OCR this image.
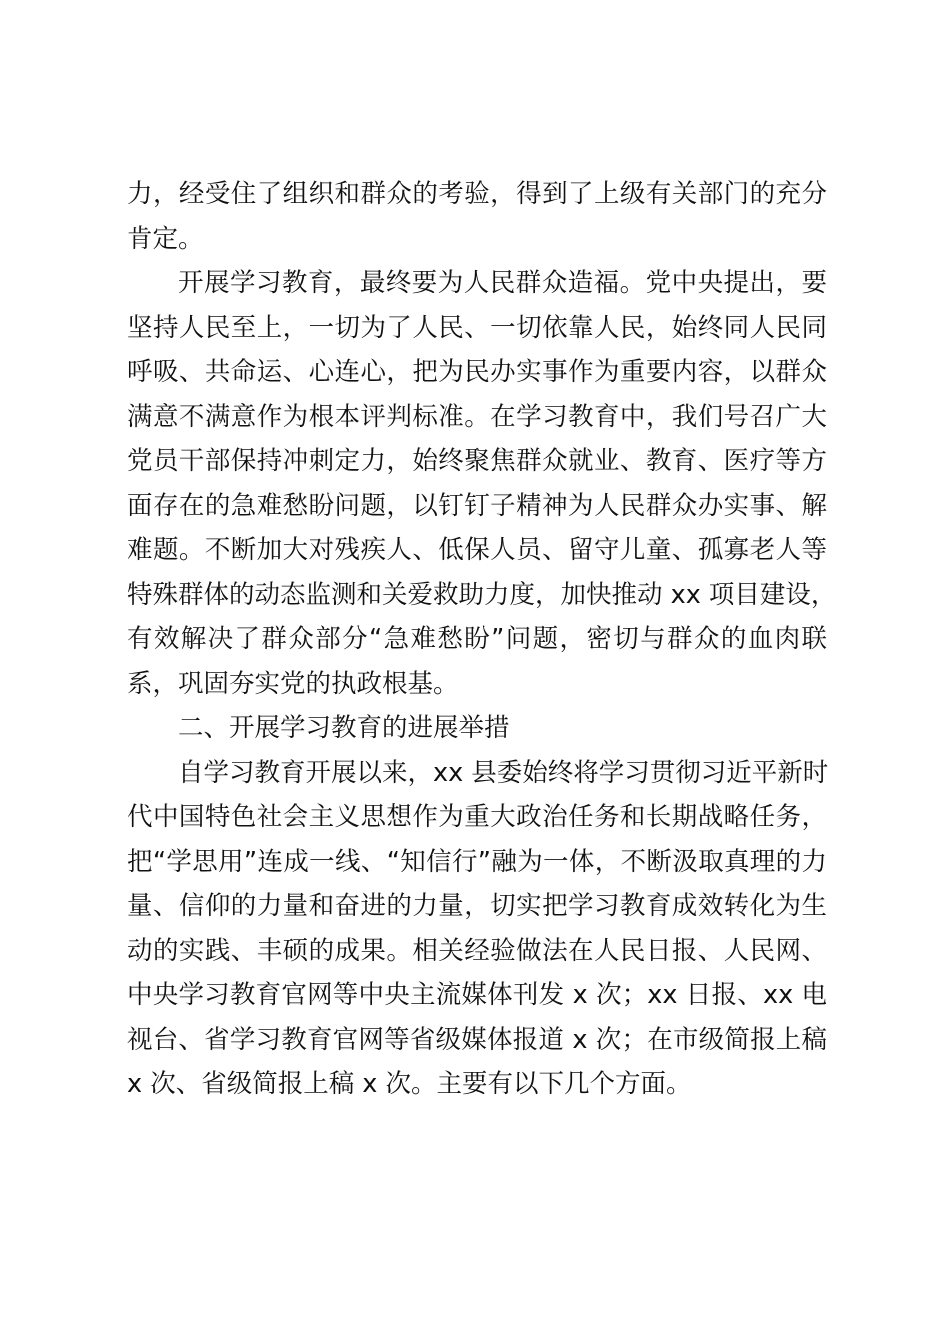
力，经受住了组织和群众的考验，得到了上级有关部门的充分
肯定。
开展学习教育，最终要为人民群众造福。党中央提出，要
坚持人民至上，一切为了人民、一切依靠人民，始终同人民同
呼吸、共命运、心连心，把为民办实事作为重要内容，以群众
满意不满意作为根本评判标准。在学习教育中，我们号召广大
党员干部保持冲刺定力，始终聚焦群众就业、教育、医疗等方
面存在的急难愁盼问题，以钉钉子精神为人民群众办实事、解
难题。不断加大对残疾人、低保人员、留守儿童、孤寡老人等
特殊群体的动态监测和关爱救助力度，加快推动 xx 项目建设，
有效解决了群众部分“急难愁盼”问题，密切与群众的血肉联
系，巩固夯实党的执政根基。
二、开展学习教育的进展举措
自学习教育开展以来，xx 县委始终将学习贯彻习近平新时
代中国特色社会主义思想作为重大政治任务和长期战略任务，
把“学思用”连成一线、“知信行”融为一体，不断汲取真理的力
量、信仰的力量和奋进的力量，切实把学习教育成效转化为生
动的实践、丰硕的成果。相关经验做法在人民日报、人民网、
中央学习教育官网等中央主流媒体刊发 x 次；xx 日报、xx 电
视台、省学习教育官网等省级媒体报道 x 次；在市级简报上稿
x 次、省级简报上稿 x 次。主要有以下几个方面。
